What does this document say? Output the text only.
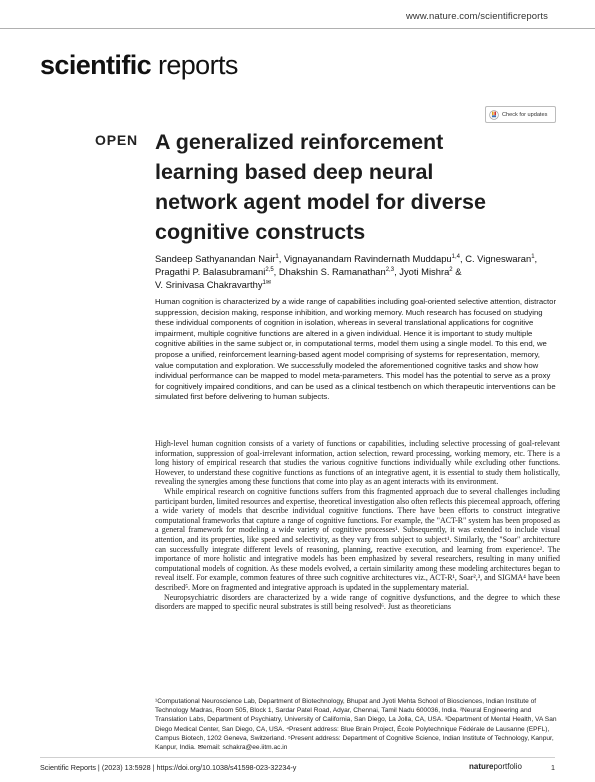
www.nature.com/scientificreports
scientific reports
Check for updates
OPEN A generalized reinforcement
learning based deep neural
network agent model for diverse
cognitive constructs
Sandeep Sathyanandan Nair$^1$, Vignayanandam Ravindernath Muddapu$^{1,4}$, C. Vigneswaran$^1$, Pragathi P. Balasubramani$^{2,5}$, Dhakshin S. Ramanathan$^{2,3}$, Jyoti Mishra$^2$ & V. Srinivasa Chakravarthy$^{1✉}$

Human cognition is characterized by a wide range of capabilities including goal-oriented selective attention, distractor suppression, decision making, response inhibition, and working memory. Much research has focused on studying these individual components of cognition in isolation, whereas in several translational applications for cognitive impairment, multiple cognitive functions are altered in a given individual. Hence it is important to study multiple cognitive abilities in the same subject or, in computational terms, model them using a single model. To this end, we propose a unified, reinforcement learning-based agent model comprising of systems for representation, memory, value computation and exploration. We successfully modeled the aforementioned cognitive tasks and show how individual performance can be mapped to model meta-parameters. This model has the potential to serve as a proxy for cognitively impaired conditions, and can be used as a clinical testbench on which therapeutic interventions can be simulated first before delivering to human subjects.

High-level human cognition consists of a variety of functions or capabilities, including selective processing of goal-relevant information, suppression of goal-irrelevant information, action selection, reward processing, working memory, etc. There is a long history of empirical research that studies the various cognitive functions individually while excluding other functions. However, to understand these cognitive functions as functions of an integrative agent, it is essential to study them holistically, revealing the synergies among these functions that come into play as an agent interacts with its environment.

While empirical research on cognitive functions suffers from this fragmented approach due to several challenges including participant burden, limited resources and expertise, theoretical investigation also often reflects this piecemeal approach, offering a wide variety of models that describe individual cognitive functions. There have been efforts to construct integrative computational frameworks that capture a range of cognitive functions. For example, the "ACT-R" system has been proposed as a general framework for modeling a wide variety of cognitive processes¹. Subsequently, it was extended to include visual attention, and its properties, like speed and selectivity, as they vary from subject to subject¹. Similarly, the "Soar" architecture can successfully integrate different levels of reasoning, planning, reactive execution, and learning from experience². The importance of more holistic and integrative models has been emphasized by several researchers, resulting in many unified computational models of cognition. As these models evolved, a certain similarity among these modeling architectures began to reveal itself. For example, common features of three such cognitive architectures viz., ACT-R¹, Soar²,³, and SIGMA⁴ have been described⁵. More on fragmented and integrative approach is updated in the supplementary material.

Neuropsychiatric disorders are characterized by a wide range of cognitive dysfunctions, and the degree to which these disorders are mapped to specific neural substrates is still being resolved⁶. Just as theoreticians

¹Computational Neuroscience Lab, Department of Biotechnology, Bhupat and Jyoti Mehta School of Biosciences, Indian Institute of Technology Madras, Room 505, Block 1, Sardar Patel Road, Adyar, Chennai, Tamil Nadu 600036, India. ²Neural Engineering and Translation Labs, Department of Psychiatry, University of California, San Diego, La Jolla, CA, USA. ³Department of Mental Health, VA San Diego Medical Center, San Diego, CA, USA. ⁴Present address: Blue Brain Project, École Polytechnique Fédérale de Lausanne (EPFL), Campus Biotech, 1202 Geneva, Switzerland. ⁵Present address: Department of Cognitive Science, Indian Institute of Technology, Kanpur, Kanpur, India. ✉email: schakra@ee.iitm.ac.in

Scientific Reports | (2023) 13:5928 | https://doi.org/10.1038/s41598-023-32234-y	natureportfolio	1
